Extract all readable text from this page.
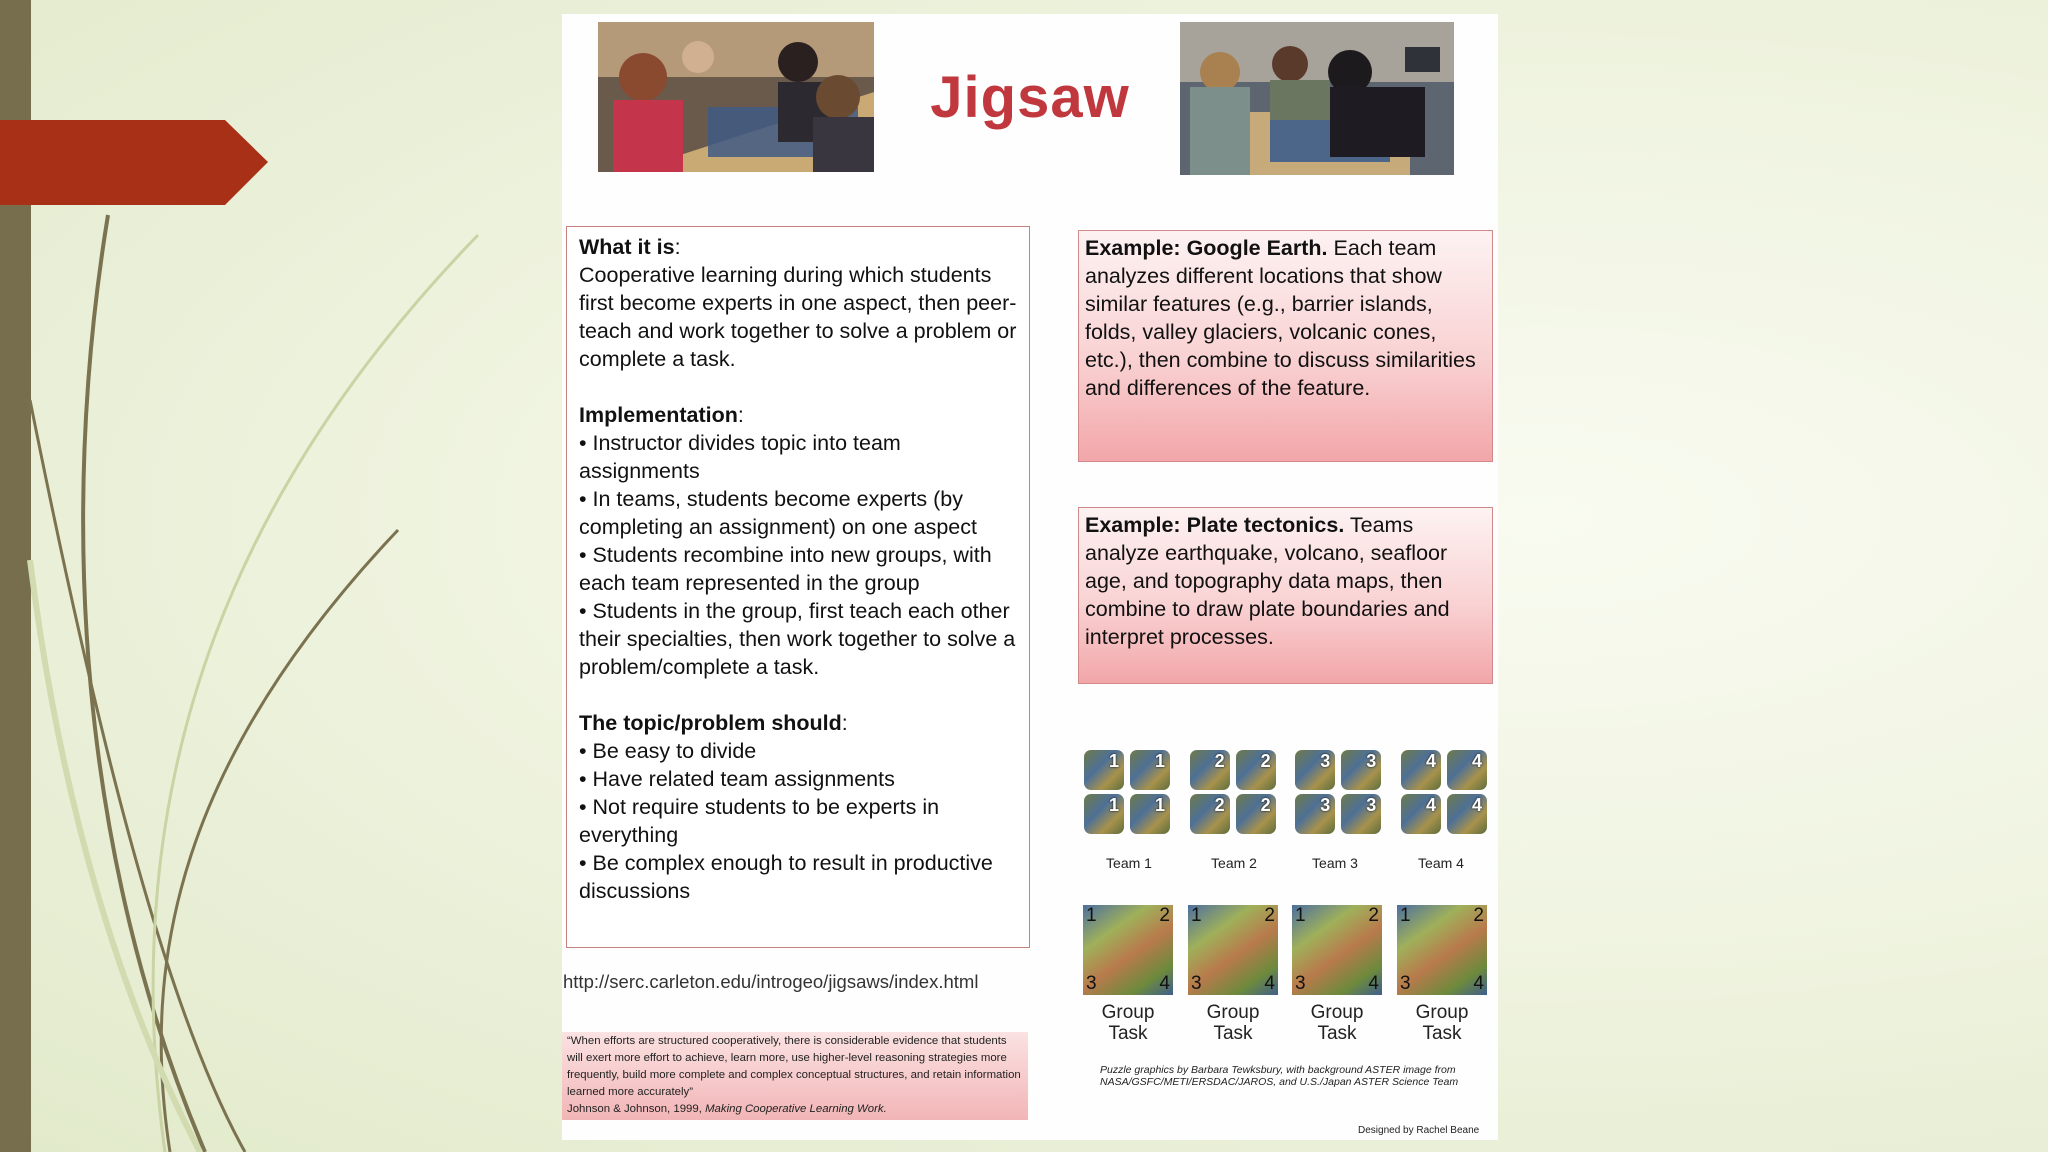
Jigsaw
What it is:
Cooperative learning during which students first become experts in one aspect, then peer-teach and work together to solve a problem or complete a task.
Implementation:
• Instructor divides topic into team assignments
• In teams, students become experts (by completing an assignment) on one aspect
• Students recombine into new groups, with each team represented in the group
• Students in the group, first teach each other their specialties, then work together to solve a problem/complete a task.
The topic/problem should:
• Be easy to divide
• Have related team assignments
• Not require students to be experts in everything
• Be complex enough to result in productive discussions
Example: Google Earth. Each team analyzes different locations that show similar features (e.g., barrier islands, folds, valley glaciers, volcanic cones, etc.), then combine to discuss similarities and differences of the feature.
Example: Plate tectonics. Teams analyze earthquake, volcano, seafloor age, and topography data maps, then combine to draw plate boundaries and interpret processes.
http://serc.carleton.edu/introgeo/jigsaws/index.html
“When efforts are structured cooperatively, there is considerable evidence that students will exert more effort to achieve, learn more, use higher-level reasoning strategies more frequently, build more complete and complex conceptual structures, and retain information learned more accurately”
Johnson & Johnson, 1999, Making Cooperative Learning Work.
1 1
1 1
2 2
2 2
3 3
3 3
4 4
4 4
Team 1	Team 2	Team 3	Team 4
1	2
3	4
1	2
3	4
1	2
3	4
1	2
3	4
Group
Task
Group
Task
Group
Task
Group
Task
Puzzle graphics by Barbara Tewksbury, with background ASTER image from NASA/GSFC/METI/ERSDAC/JAROS, and U.S./Japan ASTER Science Team
Designed by Rachel Beane
